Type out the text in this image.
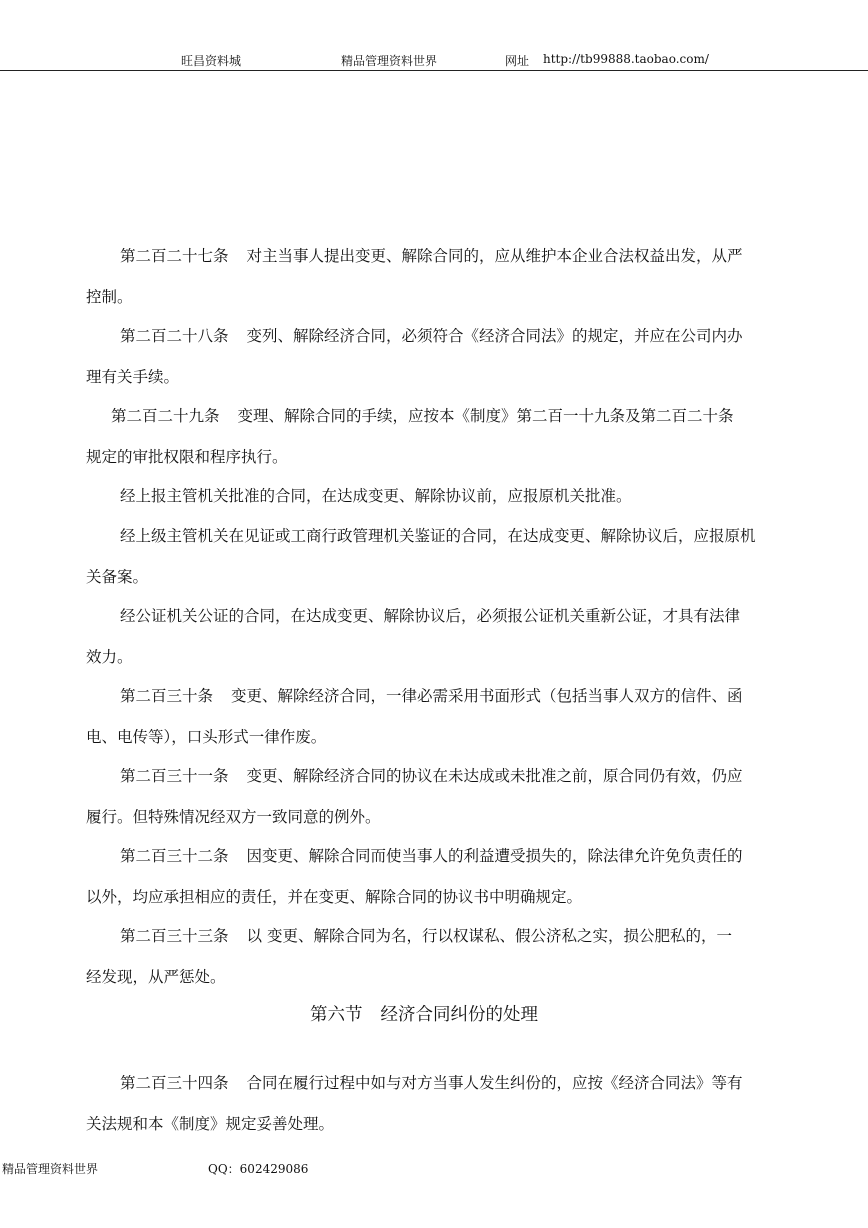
旺昌资料城	精品管理资料世界	网址 http://tb99888.taobao.com/
第二百二十七条 对主当事人提出变更、解除合同的，应从维护本企业合法权益出发，从严
控制。
第二百二十八条 变列、解除经济合同，必须符合《经济合同法》的规定，并应在公司内办
理有关手续。
第二百二十九条 变理、解除合同的手续，应按本《制度》第二百一十九条及第二百二十条
规定的审批权限和程序执行。
经上报主管机关批准的合同，在达成变更、解除协议前，应报原机关批准。
经上级主管机关在见证或工商行政管理机关鉴证的合同，在达成变更、解除协议后，应报原机
关备案。
经公证机关公证的合同，在达成变更、解除协议后，必须报公证机关重新公证，才具有法律
效力。
第二百三十条 变更、解除经济合同，一律必需采用书面形式（包括当事人双方的信件、函
电、电传等），口头形式一律作废。
第二百三十一条 变更、解除经济合同的协议在未达成或未批准之前，原合同仍有效，仍应
履行。但特殊情况经双方一致同意的例外。
第二百三十二条 因变更、解除合同而使当事人的利益遭受损失的，除法律允许免负责任的
以外，均应承担相应的责任，并在变更、解除合同的协议书中明确规定。
第二百三十三条 以 变更、解除合同为名，行以权谋私、假公济私之实，损公肥私的，一
经发现，从严惩处。
第六节 经济合同纠份的处理
第二百三十四条 合同在履行过程中如与对方当事人发生纠份的，应按《经济合同法》等有
关法规和本《制度》规定妥善处理。
精品管理资料世界	QQ：602429086
